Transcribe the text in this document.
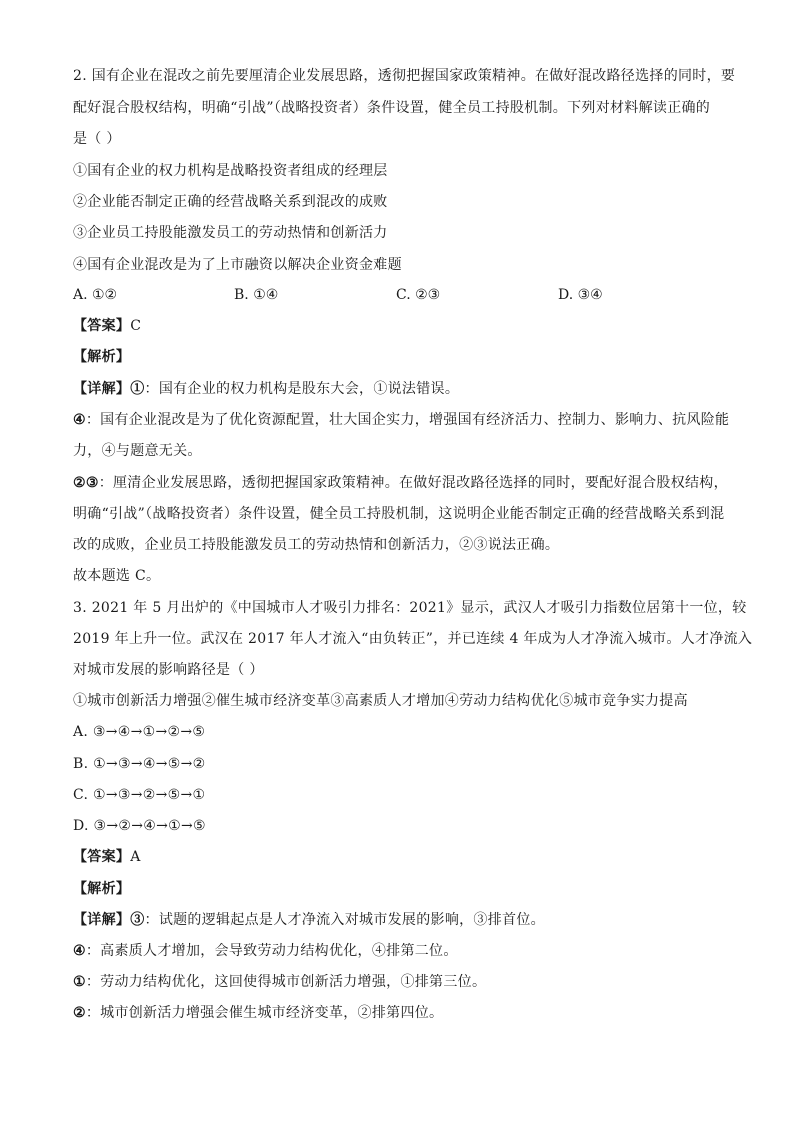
2. 国有企业在混改之前先要厘清企业发展思路，透彻把握国家政策精神。在做好混改路径选择的同时，要
配好混合股权结构，明确“引战”（战略投资者）条件设置，健全员工持股机制。下列对材料解读正确的
是（ ）
①国有企业的权力机构是战略投资者组成的经理层
②企业能否制定正确的经营战略关系到混改的成败
③企业员工持股能激发员工的劳动热情和创新活力
④国有企业混改是为了上市融资以解决企业资金难题
A. ①②	B. ①④	C. ②③	D. ③④
【答案】C
【解析】
【详解】①：国有企业的权力机构是股东大会，①说法错误。
④：国有企业混改是为了优化资源配置，壮大国企实力，增强国有经济活力、控制力、影响力、抗风险能
力，④与题意无关。
②③：厘清企业发展思路，透彻把握国家政策精神。在做好混改路径选择的同时，要配好混合股权结构，
明确“引战”（战略投资者）条件设置，健全员工持股机制，这说明企业能否制定正确的经营战略关系到混
改的成败，企业员工持股能激发员工的劳动热情和创新活力，②③说法正确。
故本题选 C。
3. 2021 年 5 月出炉的《中国城市人才吸引力排名：2021》显示，武汉人才吸引力指数位居第十一位，较
2019 年上升一位。武汉在 2017 年人才流入“由负转正”，并已连续 4 年成为人才净流入城市。人才净流入
对城市发展的影响路径是（ ）
①城市创新活力增强②催生城市经济变革③高素质人才增加④劳动力结构优化⑤城市竞争实力提高
A. ③→④→①→②→⑤
B. ①→③→④→⑤→②
C. ①→③→②→⑤→①
D. ③→②→④→①→⑤
【答案】A
【解析】
【详解】③：试题的逻辑起点是人才净流入对城市发展的影响，③排首位。
④：高素质人才增加，会导致劳动力结构优化，④排第二位。
①：劳动力结构优化，这回使得城市创新活力增强，①排第三位。
②：城市创新活力增强会催生城市经济变革，②排第四位。
